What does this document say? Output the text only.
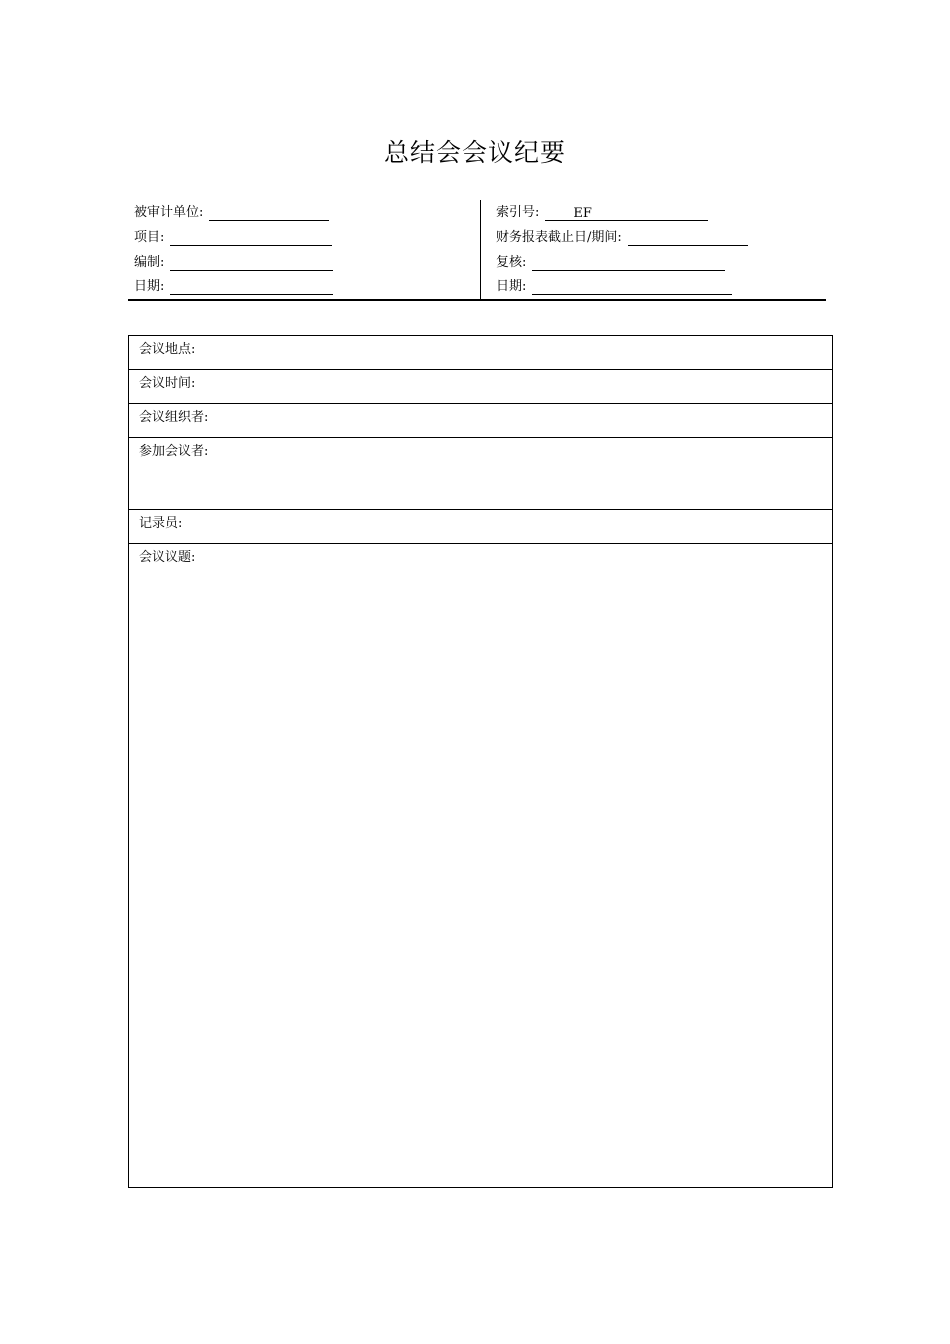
总结会会议纪要
被审计单位:
项目:
编制:
日期:
索引号:	EF
财务报表截止日/期间:
复核:
日期:
会议地点:
会议时间:
会议组织者:
参加会议者:
记录员:
会议议题:
